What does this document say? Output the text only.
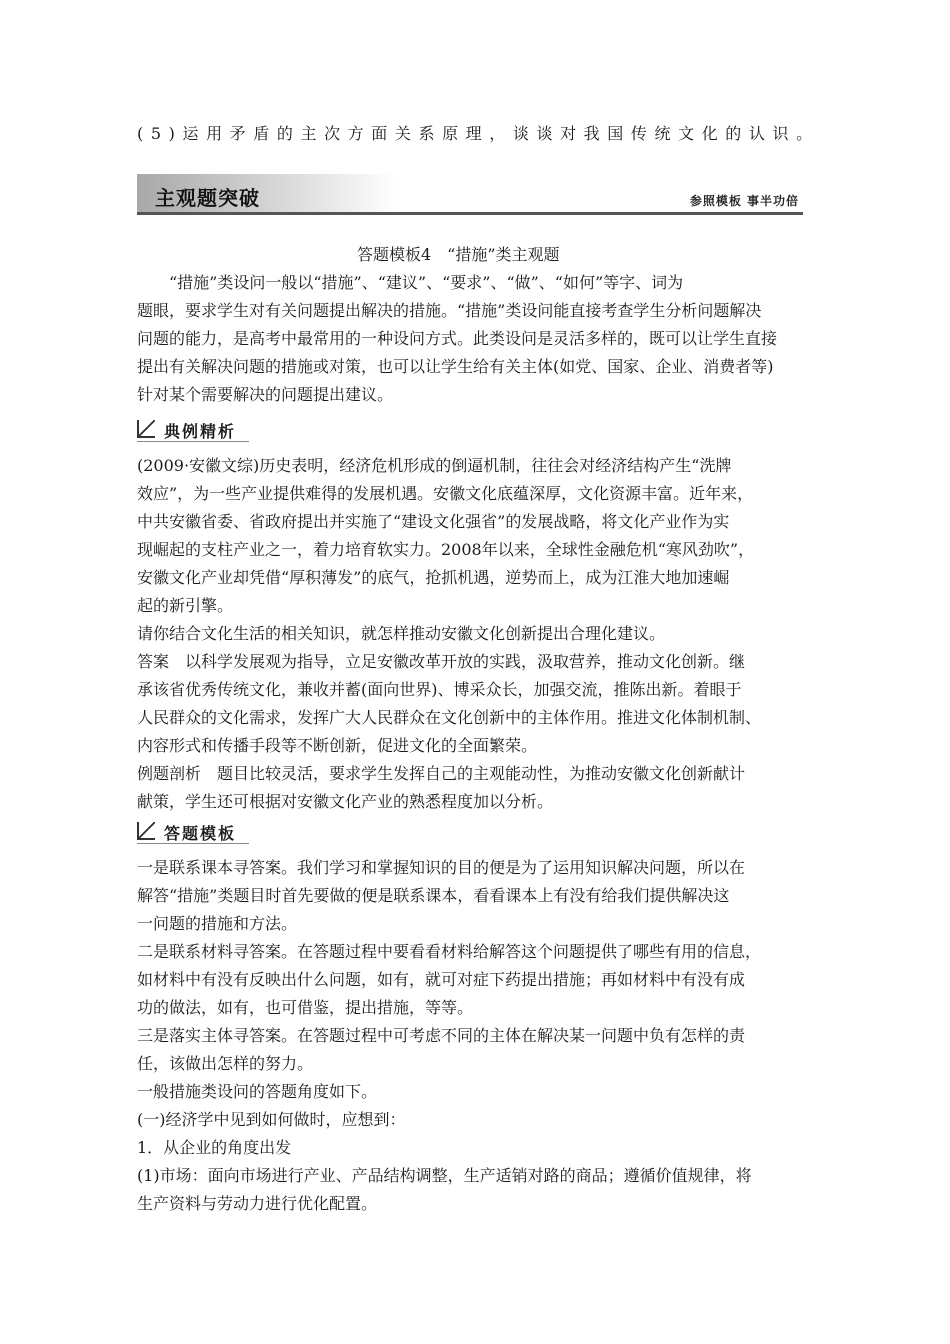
(5)运用矛盾的主次方面关系原理，谈谈对我国传统文化的认识。
主观题突破	参照模板 事半功倍
答题模板4　“措施”类主观题
　　“措施”类设问一般以“措施”、“建议”、“要求”、“做”、“如何”等字、词为
题眼，要求学生对有关问题提出解决的措施。“措施”类设问能直接考查学生分析问题解决
问题的能力，是高考中最常用的一种设问方式。此类设问是灵活多样的，既可以让学生直接
提出有关解决问题的措施或对策，也可以让学生给有关主体(如党、国家、企业、消费者等)
针对某个需要解决的问题提出建议。
典例精析
(2009·安徽文综)历史表明，经济危机形成的倒逼机制，往往会对经济结构产生“洗牌
效应”，为一些产业提供难得的发展机遇。安徽文化底蕴深厚，文化资源丰富。近年来，
中共安徽省委、省政府提出并实施了“建设文化强省”的发展战略，将文化产业作为实
现崛起的支柱产业之一，着力培育软实力。2008年以来，全球性金融危机“寒风劲吹”，
安徽文化产业却凭借“厚积薄发”的底气，抢抓机遇，逆势而上，成为江淮大地加速崛
起的新引擎。
请你结合文化生活的相关知识，就怎样推动安徽文化创新提出合理化建议。
答案　以科学发展观为指导，立足安徽改革开放的实践，汲取营养，推动文化创新。继
承该省优秀传统文化，兼收并蓄(面向世界)、博采众长，加强交流，推陈出新。着眼于
人民群众的文化需求，发挥广大人民群众在文化创新中的主体作用。推进文化体制机制、
内容形式和传播手段等不断创新，促进文化的全面繁荣。
例题剖析　题目比较灵活，要求学生发挥自己的主观能动性，为推动安徽文化创新献计
献策，学生还可根据对安徽文化产业的熟悉程度加以分析。
答题模板
一是联系课本寻答案。我们学习和掌握知识的目的便是为了运用知识解决问题，所以在
解答“措施”类题目时首先要做的便是联系课本，看看课本上有没有给我们提供解决这
一问题的措施和方法。
二是联系材料寻答案。在答题过程中要看看材料给解答这个问题提供了哪些有用的信息，
如材料中有没有反映出什么问题，如有，就可对症下药提出措施；再如材料中有没有成
功的做法，如有，也可借鉴，提出措施，等等。
三是落实主体寻答案。在答题过程中可考虑不同的主体在解决某一问题中负有怎样的责
任，该做出怎样的努力。
一般措施类设问的答题角度如下。
(一)经济学中见到如何做时，应想到：
1．从企业的角度出发
(1)市场：面向市场进行产业、产品结构调整，生产适销对路的商品；遵循价值规律，将
生产资料与劳动力进行优化配置。
